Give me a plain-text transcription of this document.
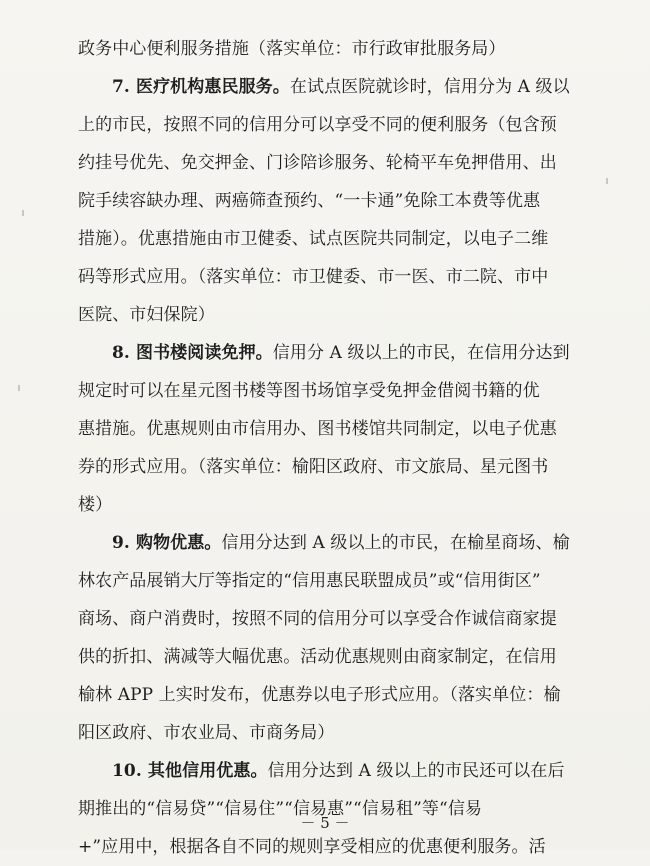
政务中心便利服务措施（落实单位：市行政审批服务局）
7. 医疗机构惠民服务。在试点医院就诊时，信用分为 A 级以
上的市民，按照不同的信用分可以享受不同的便利服务（包含预
约挂号优先、免交押金、门诊陪诊服务、轮椅平车免押借用、出
院手续容缺办理、两癌筛查预约、“一卡通”免除工本费等优惠
措施）。优惠措施由市卫健委、试点医院共同制定，以电子二维
码等形式应用。（落实单位：市卫健委、市一医、市二院、市中
医院、市妇保院）
8. 图书楼阅读免押。信用分 A 级以上的市民，在信用分达到
规定时可以在星元图书楼等图书场馆享受免押金借阅书籍的优
惠措施。优惠规则由市信用办、图书楼馆共同制定，以电子优惠
券的形式应用。（落实单位：榆阳区政府、市文旅局、星元图书
楼）
9. 购物优惠。信用分达到 A 级以上的市民，在榆星商场、榆
林农产品展销大厅等指定的“信用惠民联盟成员”或“信用街区”
商场、商户消费时，按照不同的信用分可以享受合作诚信商家提
供的折扣、满减等大幅优惠。活动优惠规则由商家制定，在信用
榆林 APP 上实时发布，优惠券以电子形式应用。（落实单位：榆
阳区政府、市农业局、市商务局）
10. 其他信用优惠。信用分达到 A 级以上的市民还可以在后
期推出的“信易贷”“信易住”“信易惠”“信易租”等“信易
+”应用中，根据各自不同的规则享受相应的优惠便利服务。活
－ 5 －
